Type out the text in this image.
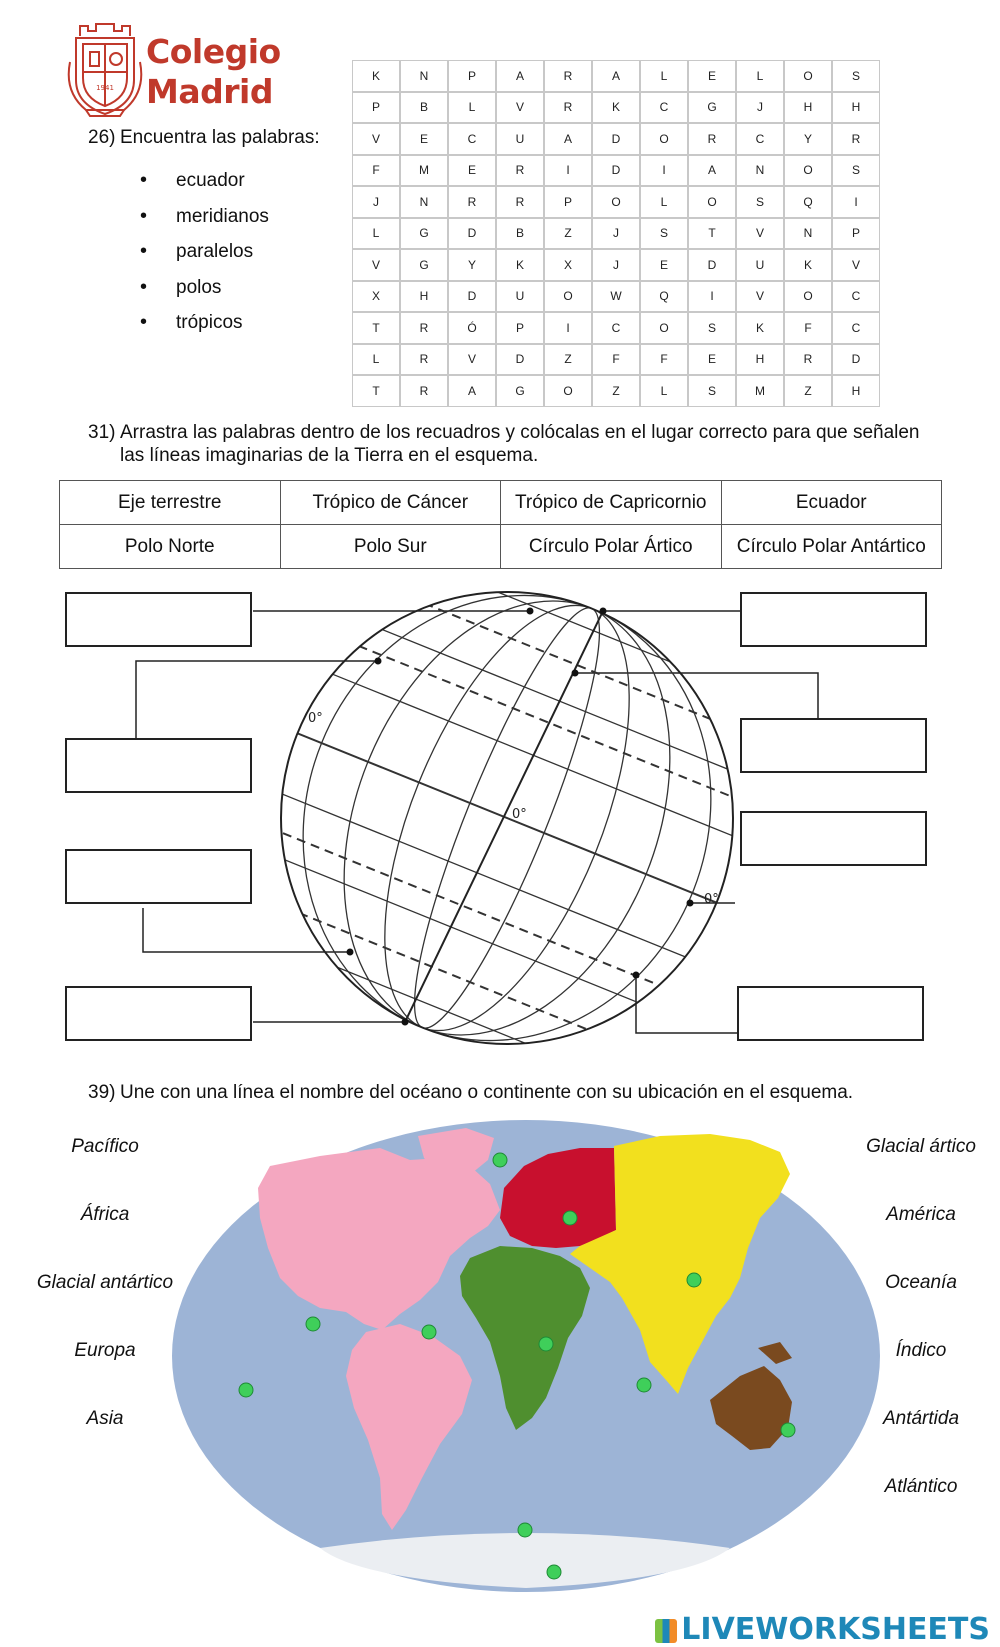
1941
Colegio
Madrid
26) Encuentra las palabras:
• ecuador
• meridianos
• paralelos
• polos
• trópicos
K	N	P	A	R	A	L	E	L	O	S
P	B	L	V	R	K	C	G	J	H	H
V	E	C	U	A	D	O	R	C	Y	R
F	M	E	R	I	D	I	A	N	O	S
J	N	R	R	P	O	L	O	S	Q	I
L	G	D	B	Z	J	S	T	V	N	P
V	G	Y	K	X	J	E	D	U	K	V
X	H	D	U	O	W	Q	I	V	O	C
T	R	Ó	P	I	C	O	S	K	F	C
L	R	V	D	Z	F	F	E	H	R	D
T	R	A	G	O	Z	L	S	M	Z	H
31) Arrastra las palabras dentro de los recuadros y colócalas en el lugar correcto para que señalen
las líneas imaginarias de la Tierra en el esquema.
Eje terrestre	Trópico de Cáncer	Trópico de Capricornio	Ecuador
Polo Norte	Polo Sur	Círculo Polar Ártico	Círculo Polar Antártico
0°
0°
0°
39) Une con una línea el nombre del océano o continente con su ubicación en el esquema.
Pacífico
África
Glacial antártico
Europa
Asia
Glacial ártico
América
Oceanía
Índico
Antártida
Atlántico
LIVEWORKSHEETS
